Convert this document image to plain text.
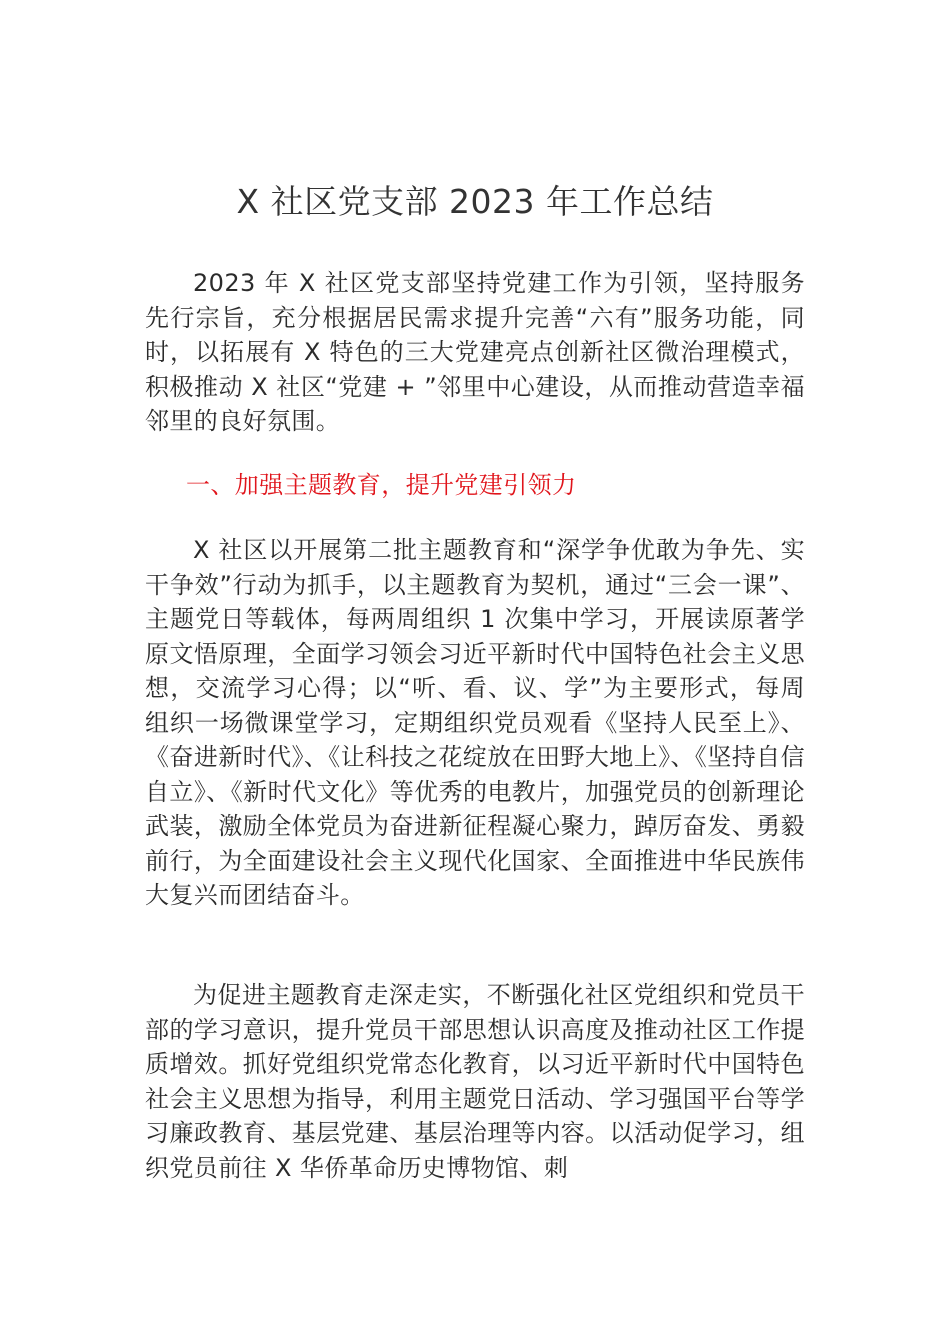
X 社区党支部 2023 年工作总结

2023 年 X 社区党支部坚持党建工作为引领，坚持服务先行宗旨，充分根据居民需求提升完善“六有”服务功能，同时，以拓展有 X 特色的三大党建亮点创新社区微治理模式，积极推动 X 社区“党建 + ”邻里中心建设，从而推动营造幸福邻里的良好氛围。

一、加强主题教育，提升党建引领力

X 社区以开展第二批主题教育和“深学争优敢为争先、实干争效”行动为抓手，以主题教育为契机，通过“三会一课”、主题党日等载体，每两周组织 1 次集中学习，开展读原著学原文悟原理，全面学习领会习近平新时代中国特色社会主义思想，交流学习心得；以“听、看、议、学”为主要形式，每周组织一场微课堂学习，定期组织党员观看《坚持人民至上》、《奋进新时代》、《让科技之花绽放在田野大地上》、《坚持自信自立》、《新时代文化》等优秀的电教片，加强党员的创新理论武装，激励全体党员为奋进新征程凝心聚力，踔厉奋发、勇毅前行，为全面建设社会主义现代化国家、全面推进中华民族伟大复兴而团结奋斗。

为促进主题教育走深走实，不断强化社区党组织和党员干部的学习意识，提升党员干部思想认识高度及推动社区工作提质增效。抓好党组织党常态化教育，以习近平新时代中国特色社会主义思想为指导，利用主题党日活动、学习强国平台等学习廉政教育、基层党建、基层治理等内容。以活动促学习，组织党员前往 X 华侨革命历史博物馆、刺
